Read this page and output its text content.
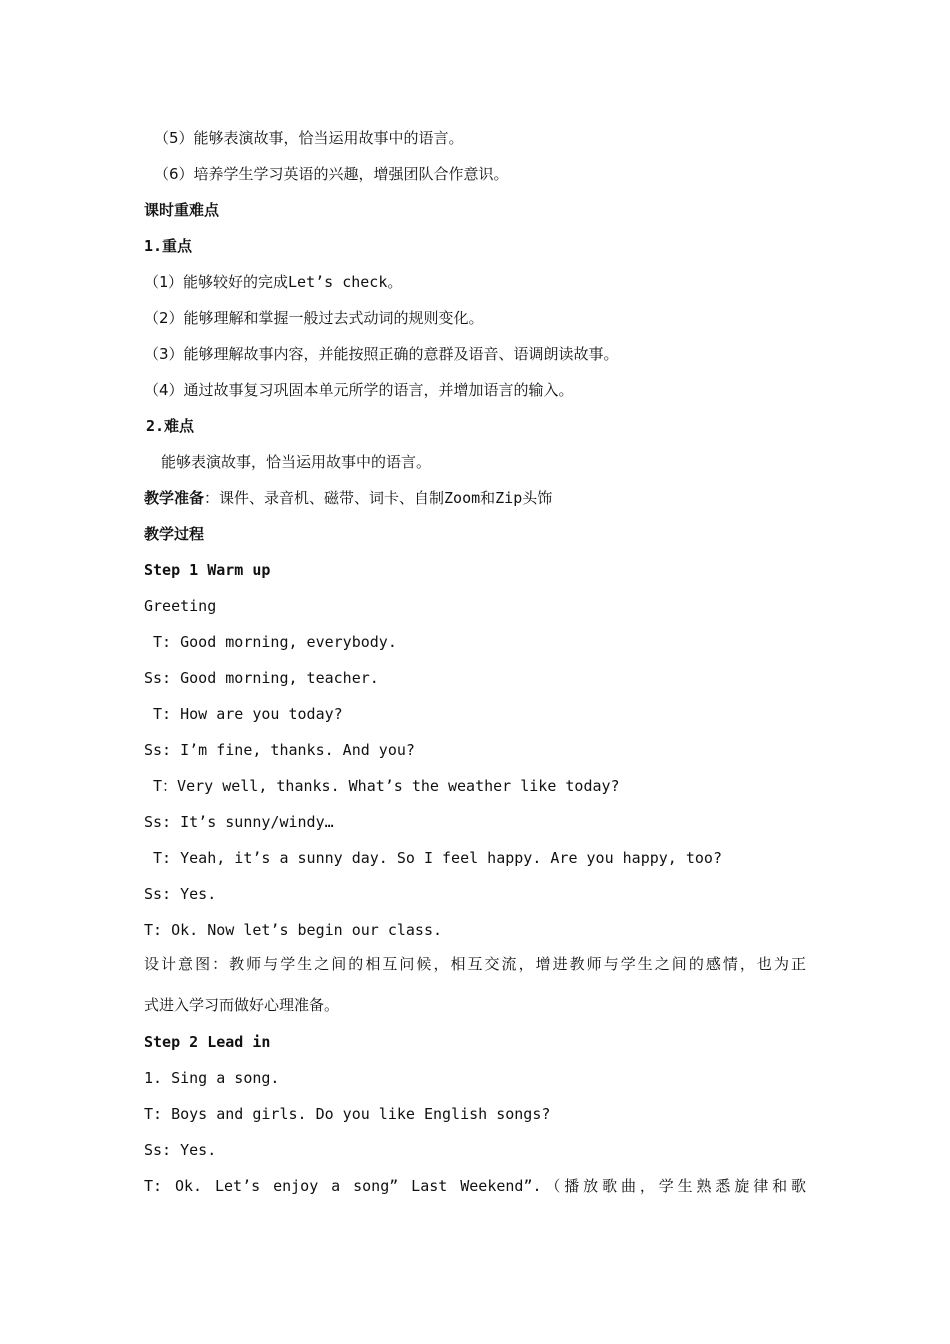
（5）能够表演故事，恰当运用故事中的语言。
（6）培养学生学习英语的兴趣，增强团队合作意识。
课时重难点
1.重点
（1）能够较好的完成Let’s check。
（2）能够理解和掌握一般过去式动词的规则变化。
（3）能够理解故事内容，并能按照正确的意群及语音、语调朗读故事。
（4）通过故事复习巩固本单元所学的语言，并增加语言的输入。
2.难点
能够表演故事，恰当运用故事中的语言。
教学准备：课件、录音机、磁带、词卡、自制Zoom和Zip头饰
教学过程
Step 1 Warm up
Greeting
T: Good morning, everybody.
Ss: Good morning, teacher.
T: How are you today?
Ss: I’m fine, thanks. And you?
T：Very well, thanks. What’s the weather like today?
Ss: It’s sunny/windy…
T: Yeah, it’s a sunny day. So I feel happy. Are you happy, too?
Ss: Yes.
T: Ok. Now let’s begin our class.
设计意图：教师与学生之间的相互问候，相互交流，增进教师与学生之间的感情，也为正
式进入学习而做好心理准备。
Step 2 Lead in
1. Sing a song.
T: Boys and girls. Do you like English songs?
Ss: Yes.
T: Ok. Let’s enjoy a song” Last Weekend”.（播放歌曲，学生熟悉旋律和歌
